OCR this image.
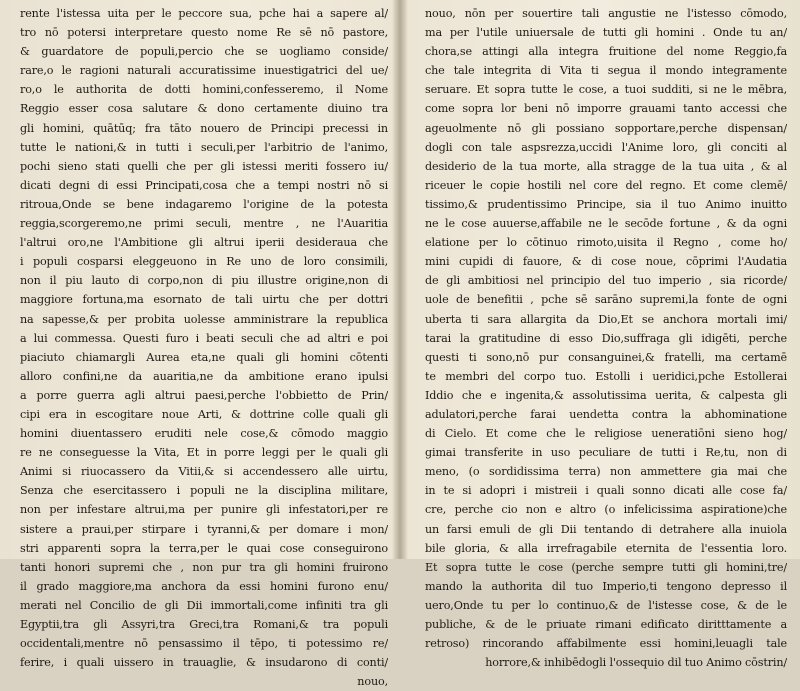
rente l'istessa uita per le peccore sua, pche hai a sapere al/
tro nō potersi interpretare questo nome Re sē nō pastore,
& guardatore de populi,percio che se uogliamo conside/
rare,o le ragioni naturali accuratissime inuestigatrici del ue/
ro,o le authorita de dotti homini,confesseremo, il Nome
Reggio esser cosa salutare & dono certamente diuino tra
gli homini, quātūq; fra tāto nouero de Principi precessi in
tutte le nationi,& in tutti i seculi,per l'arbitrio de l'animo,
pochi sieno stati quelli che per gli istessi meriti fossero iu/
dicati degni di essi Principati,cosa che a tempi nostri nō si
ritroua,Onde se bene indagaremo l'origine de la potesta
reggia,scorgeremo,ne primi seculi, mentre , ne l'Auaritia
l'altrui oro,ne l'Ambitione gli altrui iperii desideraua che
i populi cosparsi eleggeuono in Re uno de loro consimili,
non il piu lauto di corpo,non di piu illustre origine,non di
maggiore fortuna,ma esornato de tali uirtu che per dottri
na sapesse,& per probita uolesse amministrare la republica
a lui commessa. Questi furo i beati seculi che ad altri e poi
piaciuto chiamargli Aurea eta,ne quali gli homini cōtenti
alloro confini,ne da auaritia,ne da ambitione erano ipulsi
a porre guerra agli altrui paesi,perche l'obbietto de Prin/
cipi era in escogitare noue Arti, & dottrine colle quali gli
homini diuentassero eruditi nele cose,& cōmodo maggio
re ne conseguesse la Vita, Et in porre leggi per le quali gli
Animi si riuocassero da Vitii,& si accendessero alle uirtu,
Senza che esercitassero i populi ne la disciplina militare,
non per infestare altrui,ma per punire gli infestatori,per re
sistere a praui,per stirpare i tyranni,& per domare i mon/
stri apparenti sopra la terra,per le quai cose conseguirono
tanti honori supremi che , non pur tra gli homini fruirono
il grado maggiore,ma anchora da essi homini furono enu/
merati nel Concilio de gli Dii immortali,come infiniti tra gli
Egyptii,tra gli Assyri,tra Greci,tra Romani,& tra populi
occidentali,mentre nō pensassimo il tēpo, ti potessimo re/
ferire, i quali uissero in trauaglie, & insudarono di conti/
nouo,
nouo, nōn per souertire tali angustie ne l'istesso cōmodo,
ma per l'utile uniuersale de tutti gli homini . Onde tu an/
chora,se attingi alla integra fruitione del nome Reggio,fa
che tale integrita di Vita ti segua il mondo integramente
seruare. Et sopra tutte le cose, a tuoi sudditi, si ne le mēbra,
come sopra lor beni nō imporre grauami tanto accessi che
ageuolmente nō gli possiano sopportare,perche dispensan/
dogli con tale aspsrezza,uccidi l'Anime loro, gli conciti al
desiderio de la tua morte, alla stragge de la tua uita , & al
riceuer le copie hostili nel core del regno. Et come clemē/
tissimo,& prudentissimo Principe, sia il tuo Animo inuitto
ne le cose auuerse,affabile ne le secōde fortune , & da ogni
elatione per lo cōtinuo rimoto,uisita il Regno , come ho/
mini cupidi di fauore, & di cose noue, cōprimi l'Audatia
de gli ambitiosi nel principio del tuo imperio , sia ricorde/
uole de benefitii , pche sē sarāno supremi,la fonte de ogni
uberta ti sara allargita da Dio,Et se anchora mortali imi/
tarai la gratitudine di esso Dio,suffraga gli idigēti, perche
questi ti sono,nō pur consanguinei,& fratelli, ma certamē
te membri del corpo tuo. Estolli i ueridici,pche Estollerai
Iddio che e ingenita,& assolutissima uerita, & calpesta gli
adulatori,perche farai uendetta contra la abhominatione
di Cielo. Et come che le religiose ueneratiōni sieno hog/
gimai transferite in uso peculiare de tutti i Re,tu, non di
meno, (o sordidissima terra) non ammettere gia mai che
in te si adopri i mistreii i quali sonno dicati alle cose fa/
cre, perche cio non e altro (o infelicissima aspiratione)che
un farsi emuli de gli Dii tentando di detrahere alla inuiola
bile gloria, & alla irrefragabile eternita de l'essentia loro.
Et sopra tutte le cose (perche sempre tutti gli homini,tre/
mando la authorita dil tuo Imperio,ti tengono depresso il
uero,Onde tu per lo continuo,& de l'istesse cose, & de le
publiche, & de le priuate rimani edificato diritttamente a
retroso) rincorando affabilmente essi homini,leuagli tale
horrore,& inhibēdogli l'ossequio dil tuo Animo cōstrin/
